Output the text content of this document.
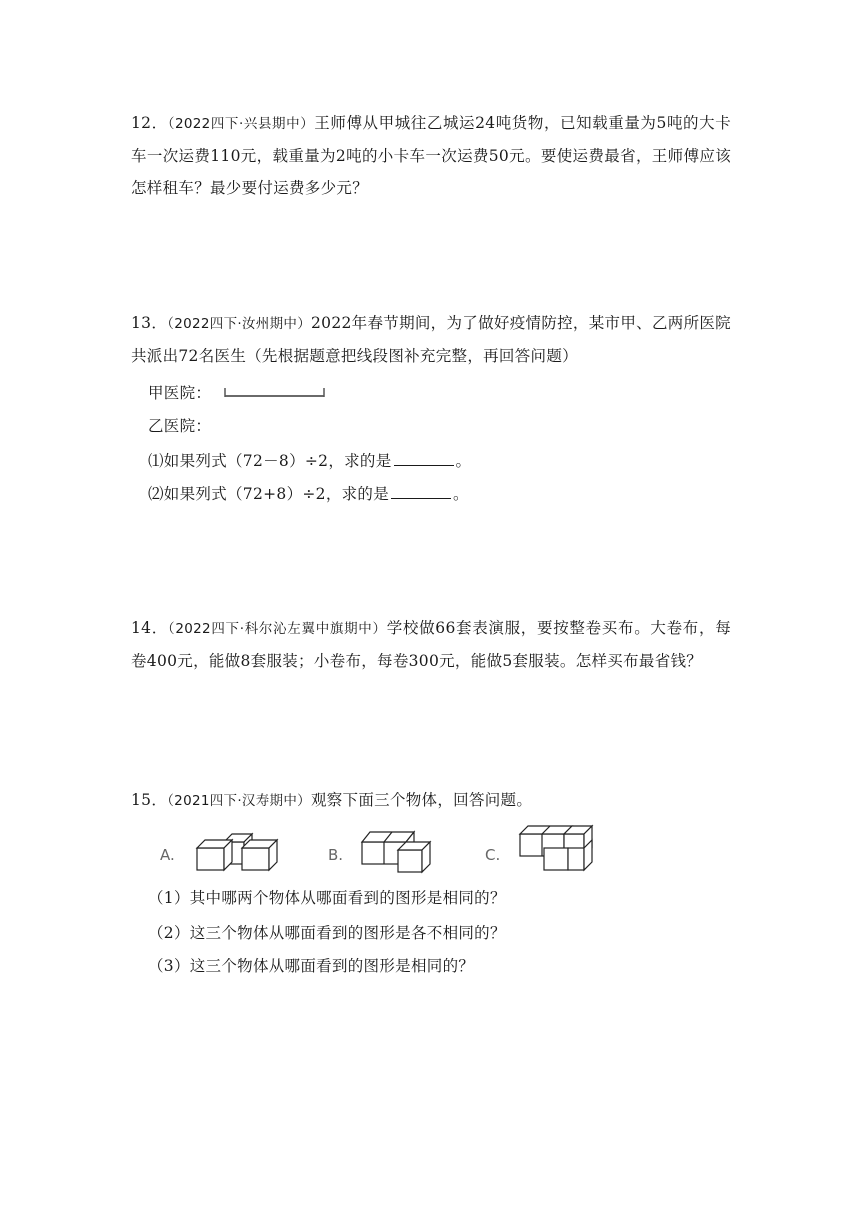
12．（2022四下·兴县期中）王师傅从甲城往乙城运24吨货物，已知载重量为5吨的大卡车一次运费110元，载重量为2吨的小卡车一次运费50元。要使运费最省，王师傅应该怎样租车？最少要付运费多少元？
13．（2022四下·汝州期中）2022年春节期间，为了做好疫情防控，某市甲、乙两所医院共派出72名医生（先根据题意把线段图补充完整，再回答问题）
甲医院：
乙医院：
⑴如果列式（72－8）÷2，求的是	。
⑵如果列式（72+8）÷2，求的是	。
14．（2022四下·科尔沁左翼中旗期中）学校做66套表演服，要按整卷买布。大卷布，每卷400元，能做8套服装；小卷布，每卷300元，能做5套服装。怎样买布最省钱？
15．（2021四下·汉寿期中）观察下面三个物体，回答问题。
A.	B.	C.
（1）其中哪两个物体从哪面看到的图形是相同的？
（2）这三个物体从哪面看到的图形是各不相同的？
（3）这三个物体从哪面看到的图形是相同的？
